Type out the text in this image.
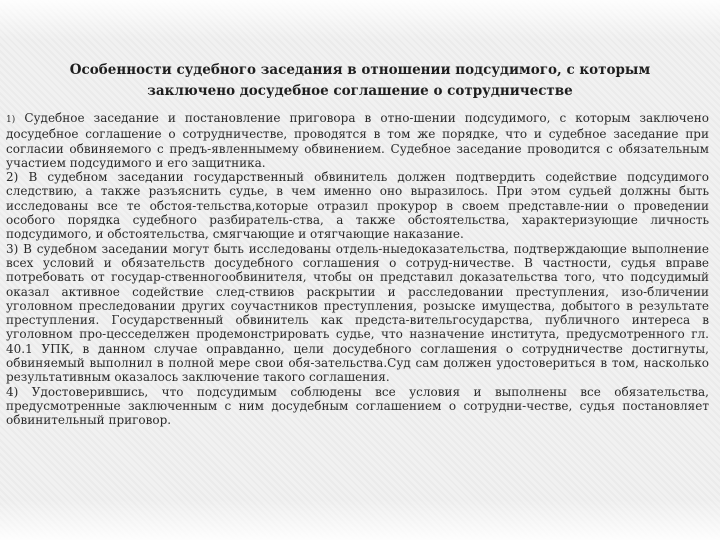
Особенности судебного заседания в отношении подсудимого, с которым
заключено досудебное соглашение о сотрудничестве

1) Судебное заседание и постановление приговора в отно-шении подсудимого, с которым заключено досудебное соглашение о сотрудничестве, проводятся в том же порядке, что и судебное заседание при согласии обвиняемого с предъ-явленнымему обвинением. Судебное заседание проводится с обязательным участием подсудимого и его защитника.

2) В судебном заседании государственный обвинитель должен подтвердить содействие подсудимого следствию, а также разъяснить судье, в чем именно оно выразилось. При этом судьей должны быть исследованы все те обстоя-тельства,которые отразил прокурор в своем представле-нии о проведении особого порядка судебного разбиратель-ства, а также обстоятельства, характеризующие личность подсудимого, и обстоятельства, смягчающие и отягчающие наказание.

3) В судебном заседании могут быть исследованы отдель-ныедоказательства, подтверждающие выполнение всех условий и обязательств досудебного соглашения о сотруд-ничестве. В частности, судья вправе потребовать от государ-ственногообвинителя, чтобы он представил доказательства того, что подсудимый оказал активное содействие след-ствиюв раскрытии и расследовании преступления, изо-бличении уголовном преследовании других соучастников преступления, розыске имущества, добытого в результате преступления. Государственный обвинитель как предста-вительгосударства, публичного интереса в уголовном про-цесседелжен продемонстрировать судье, что назначение института, предусмотренного гл. 40.1 УПК, в данном случае оправданно, цели досудебного соглашения о сотрудничестве достигнуты, обвиняемый выполнил в полной мере свои обя-зательства.Суд сам должен удостовериться в том, насколько результативным оказалось заключение такого соглашения.

4) Удостоверившись, что подсудимым соблюдены все условия и выполнены все обязательства, предусмотренные заключенным с ним досудебным соглашением о сотрудни-честве, судья постановляет обвинительный приговор.
